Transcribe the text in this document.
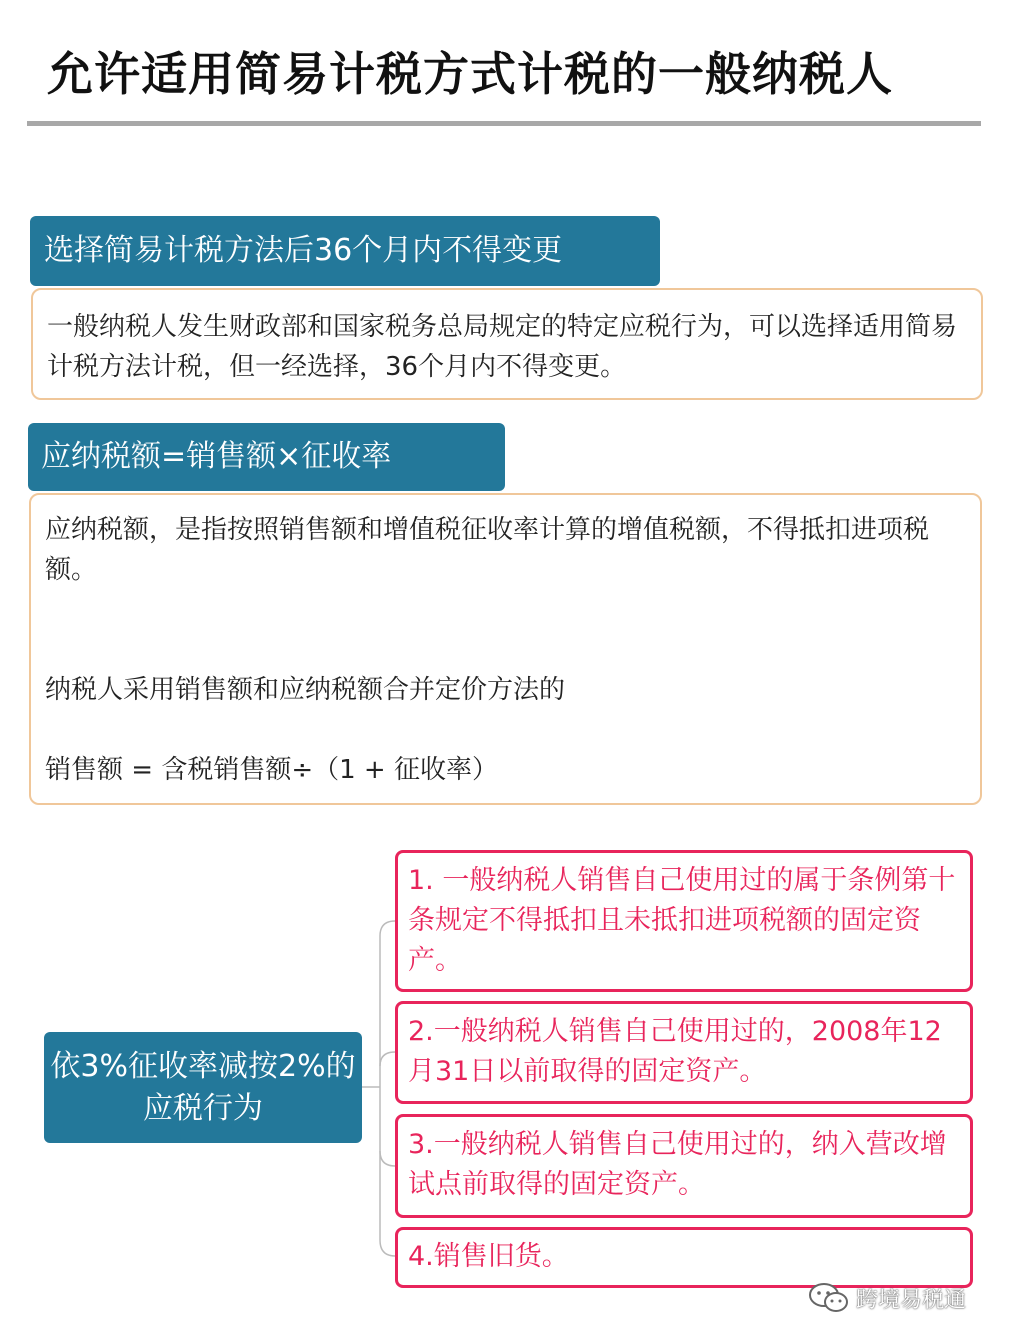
允许适用简易计税方式计税的一般纳税人
选择简易计税方法后36个月内不得变更
一般纳税人发生财政部和国家税务总局规定的特定应税行为，可以选择适用简易计税方法计税，但一经选择，36个月内不得变更。
应纳税额=销售额×征收率

应纳税额，是指按照销售额和增值税征收率计算的增值税额，不得抵扣进项税额。

纳税人采用销售额和应纳税额合并定价方法的

销售额 = 含税销售额÷（1 + 征收率）

依3%征收率减按2%的应税行为
1. 一般纳税人销售自己使用过的属于条例第十条规定不得抵扣且未抵扣进项税额的固定资产。
2.一般纳税人销售自己使用过的，2008年12月31日以前取得的固定资产。
3.一般纳税人销售自己使用过的，纳入营改增试点前取得的固定资产。
4.销售旧货。
跨境易税通
